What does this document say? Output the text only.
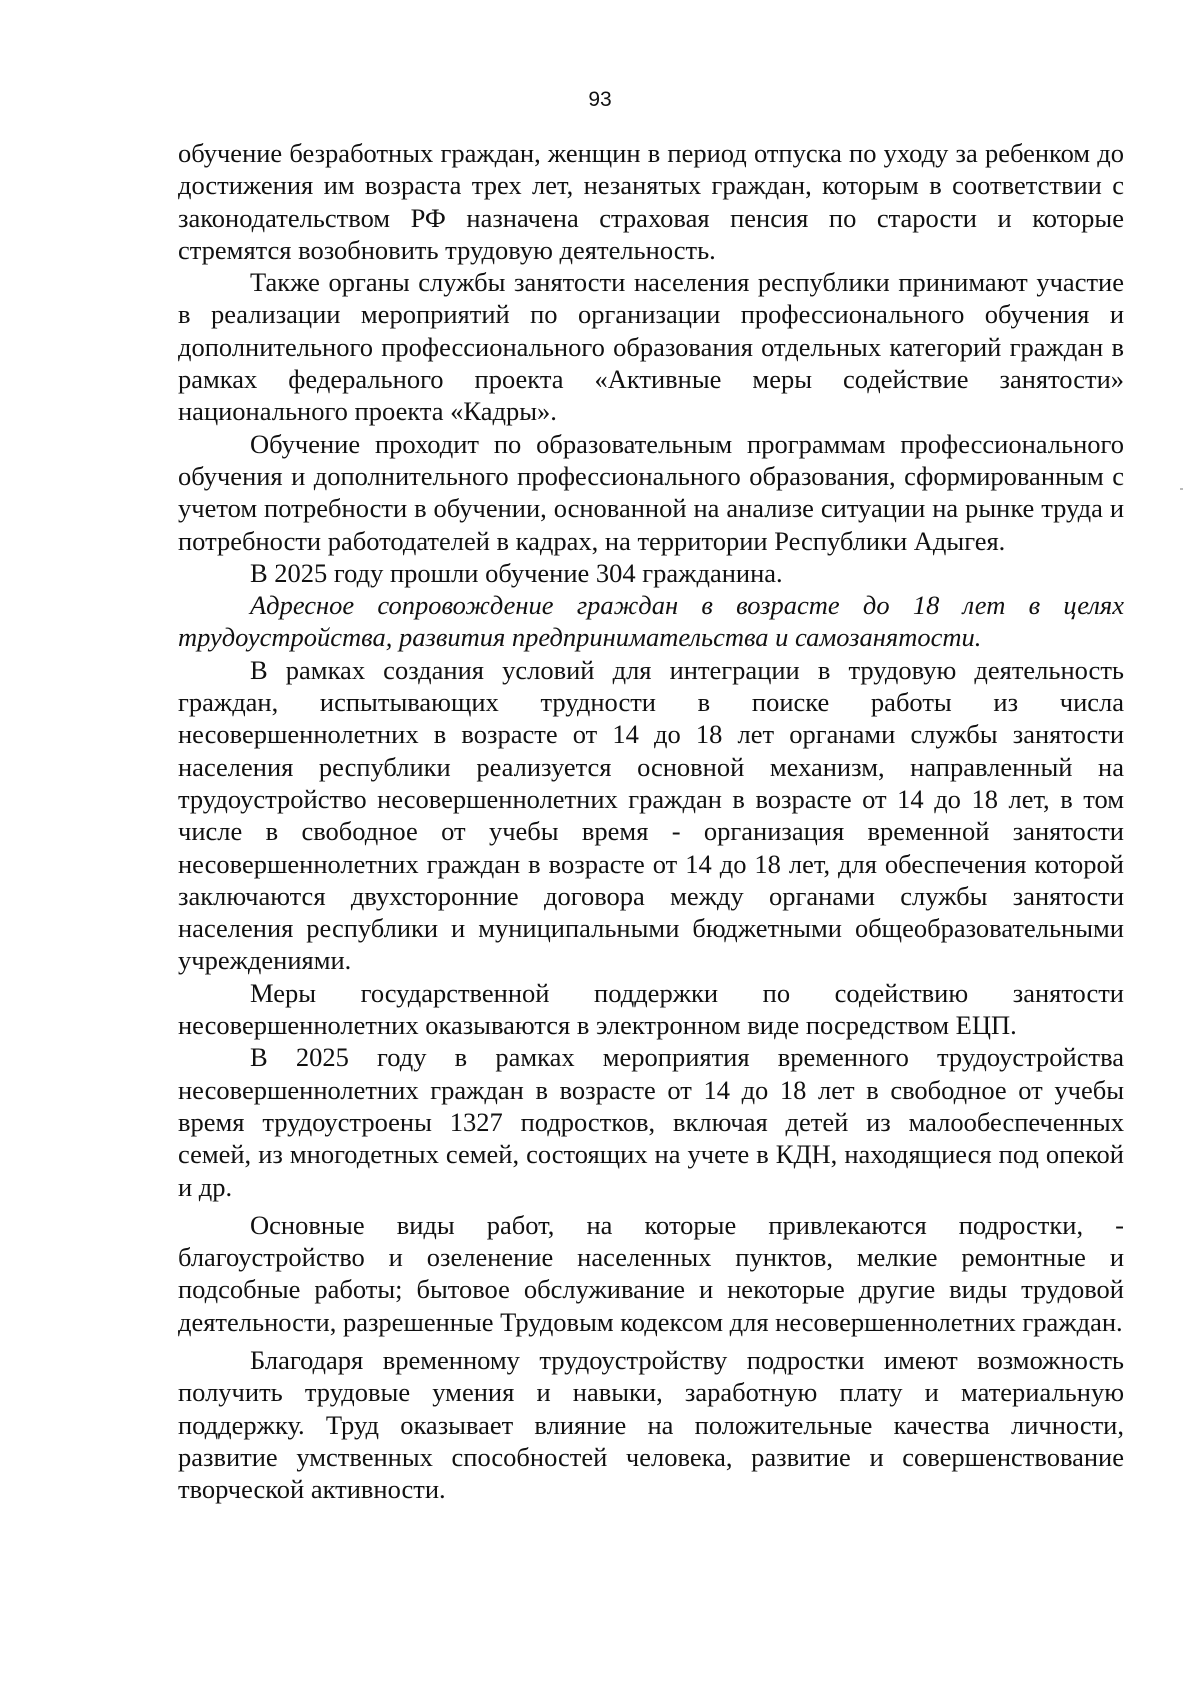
93

обучение безработных граждан, женщин в период отпуска по уходу за ребенком до достижения им возраста трех лет, незанятых граждан, которым в соответствии с законодательством РФ назначена страховая пенсия по старости и которые стремятся возобновить трудовую деятельность.

Также органы службы занятости населения республики принимают участие в реализации мероприятий по организации профессионального обучения и дополнительного профессионального образования отдельных категорий граждан в рамках федерального проекта «Активные меры содействие занятости» национального проекта «Кадры».

Обучение проходит по образовательным программам профессионального обучения и дополнительного профессионального образования, сформированным с учетом потребности в обучении, основанной на анализе ситуации на рынке труда и потребности работодателей в кадрах, на территории Республики Адыгея.

В 2025 году прошли обучение 304 гражданина.

Адресное сопровождение граждан в возрасте до 18 лет в целях трудоустройства, развития предпринимательства и самозанятости.

В рамках создания условий для интеграции в трудовую деятельность граждан, испытывающих трудности в поиске работы из числа несовершеннолетних в возрасте от 14 до 18 лет органами службы занятости населения республики реализуется основной механизм, направленный на трудоустройство несовершеннолетних граждан в возрасте от 14 до 18 лет, в том числе в свободное от учебы время - организация временной занятости несовершеннолетних граждан в возрасте от 14 до 18 лет, для обеспечения которой заключаются двухсторонние договора между органами службы занятости населения республики и муниципальными бюджетными общеобразовательными учреждениями.

Меры государственной поддержки по содействию занятости несовершеннолетних оказываются в электронном виде посредством ЕЦП.

В 2025 году в рамках мероприятия временного трудоустройства несовершеннолетних граждан в возрасте от 14 до 18 лет в свободное от учебы время трудоустроены 1327 подростков, включая детей из малообеспеченных семей, из многодетных семей, состоящих на учете в КДН, находящиеся под опекой и др.

Основные виды работ, на которые привлекаются подростки, - благоустройство и озеленение населенных пунктов, мелкие ремонтные и подсобные работы; бытовое обслуживание и некоторые другие виды трудовой деятельности, разрешенные Трудовым кодексом для несовершеннолетних граждан.

Благодаря временному трудоустройству подростки имеют возможность получить трудовые умения и навыки, заработную плату и материальную поддержку. Труд оказывает влияние на положительные качества личности, развитие умственных способностей человека, развитие и совершенствование творческой активности.
